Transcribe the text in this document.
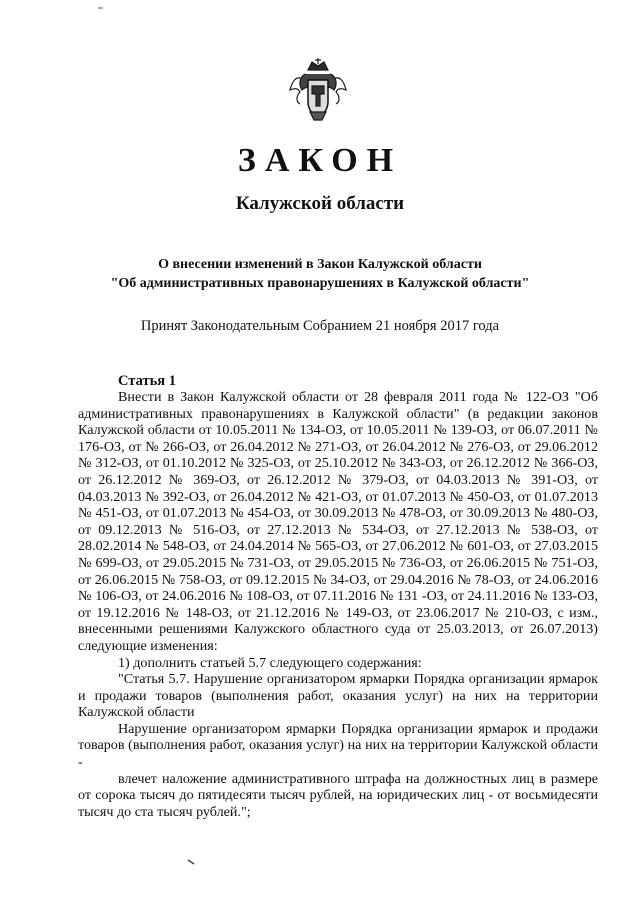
ЗАКОН
Калужской области
О внесении изменений в Закон Калужской области
"Об административных правонарушениях в Калужской области"
Принят Законодательным Собранием 21 ноября 2017 года
Статья 1

Внести в Закон Калужской области от 28 февраля 2011 года № 122-ОЗ "Об административных правонарушениях в Калужской области" (в редакции законов Калужской области от 10.05.2011 № 134-ОЗ, от 10.05.2011 № 139-ОЗ, от 06.07.2011 № 176-ОЗ, от № 266-ОЗ, от 26.04.2012 № 271-ОЗ, от 26.04.2012 № 276-ОЗ, от 29.06.2012 № 312-ОЗ, от 01.10.2012 № 325-ОЗ, от 25.10.2012 № 343-ОЗ, от 26.12.2012 № 366-ОЗ, от 26.12.2012 № 369-ОЗ, от 26.12.2012 № 379-ОЗ, от 04.03.2013 № 391-ОЗ, от 04.03.2013 № 392-ОЗ, от 26.04.2012 № 421-ОЗ, от 01.07.2013 № 450-ОЗ, от 01.07.2013 № 451-ОЗ, от 01.07.2013 № 454-ОЗ, от 30.09.2013 № 478-ОЗ, от 30.09.2013 № 480-ОЗ, от 09.12.2013 № 516-ОЗ, от 27.12.2013 № 534-ОЗ, от 27.12.2013 № 538-ОЗ, от 28.02.2014 № 548-ОЗ, от 24.04.2014 № 565-ОЗ, от 27.06.2012 № 601-ОЗ, от 27.03.2015 № 699-ОЗ, от 29.05.2015 № 731-ОЗ, от 29.05.2015 № 736-ОЗ, от 26.06.2015 № 751-ОЗ, от 26.06.2015 № 758-ОЗ, от 09.12.2015 № 34-ОЗ, от 29.04.2016 № 78-ОЗ, от 24.06.2016 № 106-ОЗ, от 24.06.2016 № 108-ОЗ, от 07.11.2016 № 131 -ОЗ, от 24.11.2016 № 133-ОЗ, от 19.12.2016 № 148-ОЗ, от 21.12.2016 № 149-ОЗ, от 23.06.2017 № 210-ОЗ, с изм., внесенными решениями Калужского областного суда от 25.03.2013, от 26.07.2013) следующие изменения:

1) дополнить статьей 5.7 следующего содержания:

"Статья 5.7. Нарушение организатором ярмарки Порядка организации ярмарок и продажи товаров (выполнения работ, оказания услуг) на них на территории Калужской области

Нарушение организатором ярмарки Порядка организации ярмарок и продажи товаров (выполнения работ, оказания услуг) на них на территории Калужской области -

влечет наложение административного штрафа на должностных лиц в размере от сорока тысяч до пятидесяти тысяч рублей, на юридических лиц - от восьмидесяти тысяч до ста тысяч рублей.";
